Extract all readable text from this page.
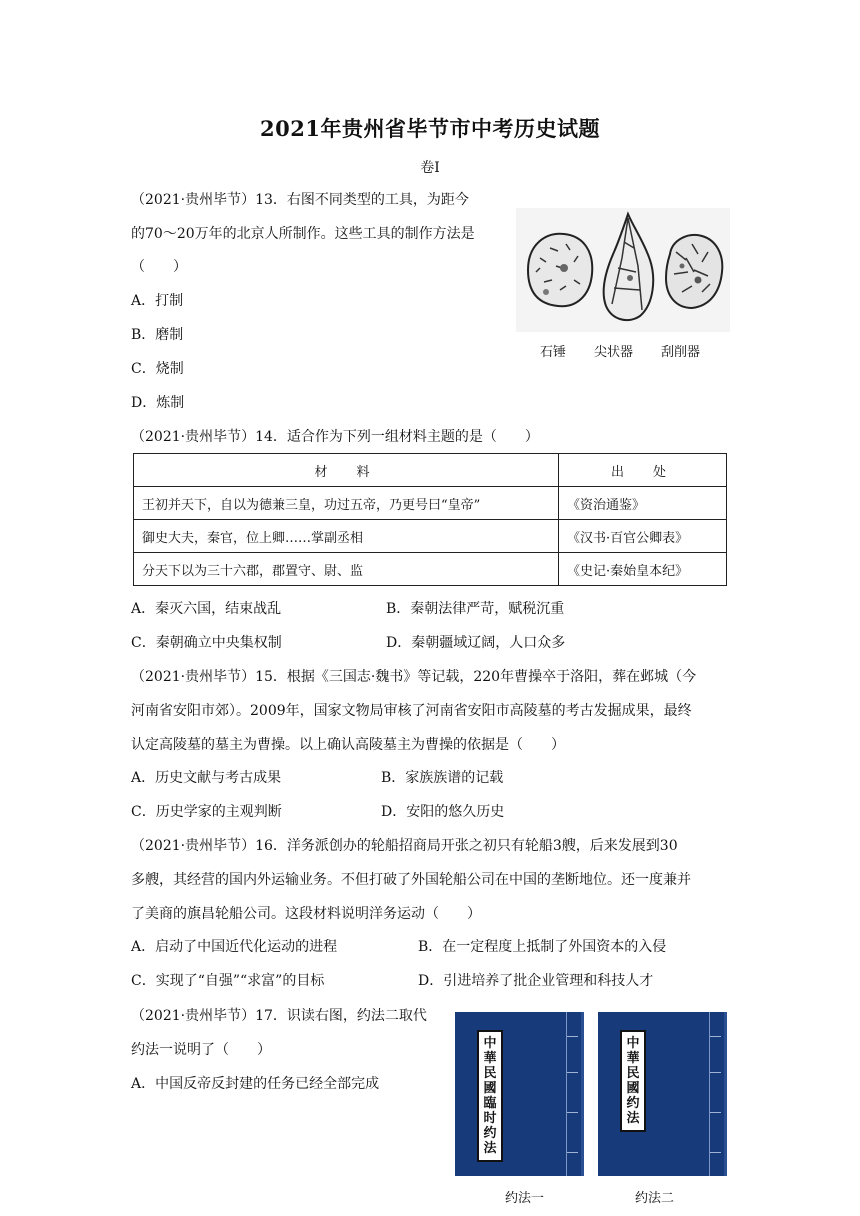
2021年贵州省毕节市中考历史试题
卷Ⅰ
（2021·贵州毕节）13．右图不同类型的工具，为距今
的70～20万年的北京人所制作。这些工具的制作方法是
（　　）
A．打制
B．磨制
C．烧制
D．炼制
石锤 尖状器 刮削器
（2021·贵州毕节）14．适合作为下列一组材料主题的是（　　）
材　料	出　处
王初并天下，自以为德兼三皇，功过五帝，乃更号曰“皇帝”	《资治通鉴》
御史大夫，秦官，位上卿……掌副丞相	《汉书·百官公卿表》
分天下以为三十六郡，郡置守、尉、监	《史记·秦始皇本纪》
A．秦灭六国，结束战乱	B．秦朝法律严苛，赋税沉重
C．秦朝确立中央集权制	D．秦朝疆域辽阔，人口众多
（2021·贵州毕节）15．根据《三国志·魏书》等记载，220年曹操卒于洛阳，葬在邺城（今
河南省安阳市郊）。2009年，国家文物局审核了河南省安阳市高陵墓的考古发掘成果，最终
认定高陵墓的墓主为曹操。以上确认高陵墓主为曹操的依据是（　　）
A．历史文献与考古成果	B．家族族谱的记载
C．历史学家的主观判断	D．安阳的悠久历史
（2021·贵州毕节）16．洋务派创办的轮船招商局开张之初只有轮船3艘，后来发展到30
多艘，其经营的国内外运输业务。不但打破了外国轮船公司在中国的垄断地位。还一度兼并
了美商的旗昌轮船公司。这段材料说明洋务运动（　　）
A．启动了中国近代化运动的进程	B．在一定程度上抵制了外国资本的入侵
C．实现了“自强”“求富”的目标	D．引进培养了批企业管理和科技人才
（2021·贵州毕节）17．识读右图，约法二取代
约法一说明了（　　）
A．中国反帝反封建的任务已经全部完成
中華民國臨时约法
中華民國约法
约法一	约法二
